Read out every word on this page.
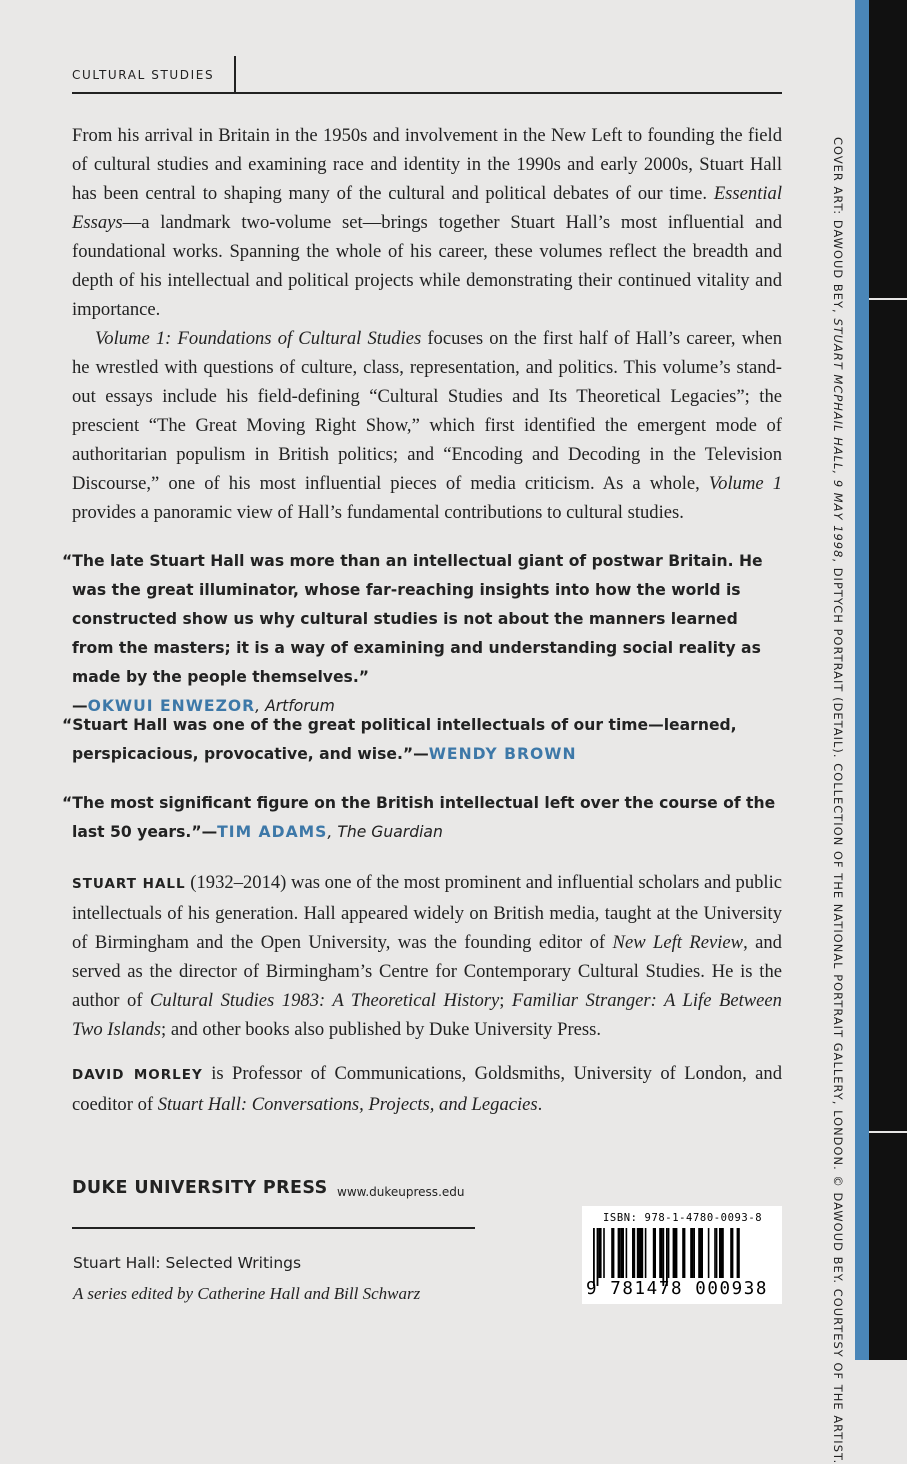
CULTURAL STUDIES

From his arrival in Britain in the 1950s and involvement in the New Left to founding the field of cultural studies and examining race and identity in the 1990s and early 2000s, Stuart Hall has been central to shaping many of the cultural and political debates of our time. Essential Essays—a landmark two-volume set—brings together Stuart Hall’s most influential and foundational works. Spanning the whole of his career, these volumes reflect the breadth and depth of his intellectual and political projects while demonstrating their continued vitality and importance.

Volume 1: Foundations of Cultural Studies focuses on the first half of Hall’s career, when he wrestled with questions of culture, class, representation, and politics. This volume’s stand-out essays include his field-defining “Cultural Studies and Its Theoretical Legacies”; the prescient “The Great Moving Right Show,” which first identified the emergent mode of authoritarian populism in British politics; and “Encoding and Decoding in the Television Discourse,” one of his most influential pieces of media criticism. As a whole, Volume 1 provides a panoramic view of Hall’s fundamental contributions to cultural studies.

“The late Stuart Hall was more than an intellectual giant of postwar Britain. He was the great illuminator, whose far-reaching insights into how the world is constructed show us why cultural studies is not about the manners learned from the masters; it is a way of examining and understanding social reality as made by the people themselves.”
—OKWUI ENWEZOR, Artforum
“Stuart Hall was one of the great political intellectuals of our time—learned, perspicacious, provocative, and wise.”—WENDY BROWN
“The most significant figure on the British intellectual left over the course of the last 50 years.”—TIM ADAMS, The Guardian

STUART HALL (1932–2014) was one of the most prominent and influential scholars and public intellectuals of his generation. Hall appeared widely on British media, taught at the University of Birmingham and the Open University, was the founding editor of New Left Review, and served as the director of Birmingham’s Centre for Contemporary Cultural Studies. He is the author of Cultural Studies 1983: A Theoretical History; Familiar Stranger: A Life Between Two Islands; and other books also published by Duke University Press.

DAVID MORLEY is Professor of Communications, Goldsmiths, University of London, and coeditor of Stuart Hall: Conversations, Projects, and Legacies.

DUKE UNIVERSITY PRESS www.dukeupress.edu
Stuart Hall: Selected Writings
A series edited by Catherine Hall and Bill Schwarz
ISBN: 978-1-4780-0093-8
9 781478 000938
COVER ART: DAWOUD BEY, STUART MCPHAIL HALL, 9 MAY 1998, DIPTYCH PORTRAIT (DETAIL). COLLECTION OF THE NATIONAL PORTRAIT GALLERY, LONDON. © DAWOUD BEY. COURTESY OF THE ARTIST.
